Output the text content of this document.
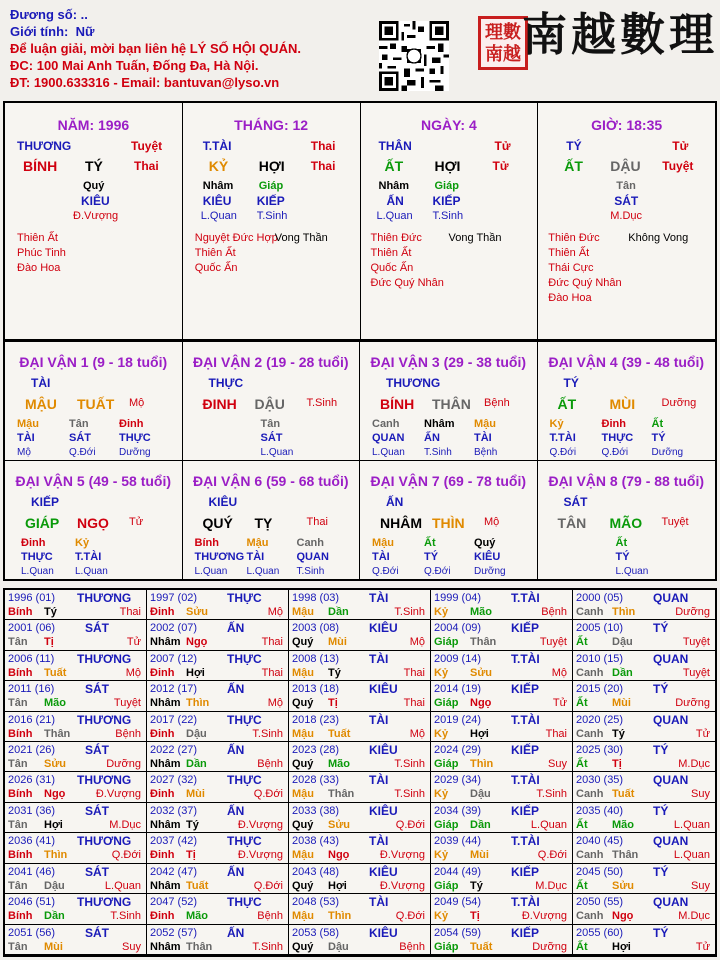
Đương số: ..
Giới tính: Nữ
Để luận giải, mời bạn liên hệ LÝ SỐ HỘI QUÁN.
ĐC: 100 Mai Anh Tuấn, Đống Đa, Hà Nội.
ĐT: 1900.633316 - Email: bantuvan@lyso.vn
理數南越 南越數理
NĂM: 1996
THƯƠNG	Tuyệt
BÍNH TÝ	Thai
Quý
KIÊU
Đ.Vượng
Thiên Ất
Phúc Tinh
Đào Hoa
THÁNG: 12
T.TÀI	Thai
KỶ HỢI Thai
Nhâm Giáp
KIÊU KIẾP
L.Quan T.Sinh
Nguyệt Đức Hợp
Thiên Ất
Quốc Ấn
Vong Thần
NGÀY: 4
THÂN	Tử
ẤT HỢI	Tử
Nhâm Giáp
ẤN KIẾP
L.Quan T.Sinh
Thiên Đức
Thiên Ất
Quốc Ấn
Đức Quý Nhân
Vong Thần
GIỜ: 18:35
TÝ	Tử
ẤT DẬU Tuyệt
Tân
SÁT
M.Dục
Thiên Đức
Thiên Ất
Thái Cực
Đức Quý Nhân
Đào Hoa
Không Vong
ĐẠI VẬN 1 (9 - 18 tuổi)
TÀI
MẬU TUẤT Mộ
Mậu
TÀI
Mộ
Tân
SÁT
Q.Đới
Đinh
THỰC
Dưỡng
ĐẠI VẬN 2 (19 - 28 tuổi)
THỰC
ĐINH DẬU T.Sinh
Tân
SÁT
L.Quan
ĐẠI VẬN 3 (29 - 38 tuổi)
THƯƠNG
BÍNH THÂN Bệnh
Canh
QUAN
L.Quan
Nhâm
ẤN
T.Sinh
Mậu
TÀI
Bệnh
ĐẠI VẬN 4 (39 - 48 tuổi)
TÝ
ẤT MÙI Dưỡng
Kỷ
T.TÀI
Q.Đới
Đinh
THỰC
Q.Đới
Ất
TÝ
Dưỡng
ĐẠI VẬN 5 (49 - 58 tuổi)
KIẾP
GIÁP NGỌ Tử
Đinh
THỰC
L.Quan
Kỷ
T.TÀI
L.Quan
ĐẠI VẬN 6 (59 - 68 tuổi)
KIÊU
QUÝ TỴ	Thai
Bính
THƯƠNG
L.Quan
Mậu
TÀI
L.Quan
Canh
QUAN
T.Sinh
ĐẠI VẬN 7 (69 - 78 tuổi)
ẤN
NHÂM THÌN Mộ
Mậu
TÀI
Q.Đới
Ất
TÝ
Q.Đới
Quý
KIÊU
Dưỡng
ĐẠI VẬN 8 (79 - 88 tuổi)
SÁT
TÂN MÃO Tuyệt
Ất
TÝ
L.Quan
1996 (01) THƯƠNG
Bính Tý	Thai
1997 (02) THỰC
Đinh Sửu	Mộ
1998 (03) TÀI
Mậu Dần	T.Sinh
1999 (04) T.TÀI
Kỷ Mão	Bệnh
2000 (05) QUAN
Canh Thìn	Dưỡng
2001 (06) SÁT
Tân Tị	Tử
2002 (07) ẤN
Nhâm Ngọ	Thai
2003 (08) KIÊU
Quý Mùi	Mộ
2004 (09) KIẾP
Giáp Thân	Tuyệt
2005 (10) TÝ
Ất Dậu	Tuyệt
2006 (11) THƯƠNG
Bính Tuất	Mộ
2007 (12) THỰC
Đinh Hợi	Thai
2008 (13) TÀI
Mậu Tý	Thai
2009 (14) T.TÀI
Kỷ Sửu	Mộ
2010 (15) QUAN
Canh Dần	Tuyệt
2011 (16)	SÁT
Tân Mão	Tuyệt
2012 (17) ẤN
Nhâm Thìn	Mộ
2013 (18) KIÊU
Quý Tị	Thai
2014 (19) KIẾP
Giáp Ngọ	Tử
2015 (20) TÝ
Ất Mùi	Dưỡng
2016 (21) THƯƠNG
Bính Thân	Bệnh
2017 (22) THỰC
Đinh Dậu	T.Sinh
2018 (23) TÀI
Mậu Tuất	Mộ
2019 (24) T.TÀI
Kỷ Hợi	Thai
2020 (25) QUAN
Canh Tý	Tử
2021 (26) SÁT
Tân Sửu	Dưỡng
2022 (27) ẤN
Nhâm Dần	Bệnh
2023 (28) KIÊU
Quý Mão	T.Sinh
2024 (29) KIẾP
Giáp Thìn	Suy
2025 (30) TÝ
Ất Tị	M.Dục
2026 (31) THƯƠNG
Bính Ngọ	Đ.Vượng
2027 (32) THỰC
Đinh Mùi	Q.Đới
2028 (33) TÀI
Mậu Thân	T.Sinh
2029 (34) T.TÀI
Kỷ Dậu	T.Sinh
2030 (35) QUAN
Canh Tuất	Suy
2031 (36) SÁT
Tân Hợi	M.Dục
2032 (37) ẤN
Nhâm Tý	Đ.Vượng
2033 (38) KIÊU
Quý Sửu	Q.Đới
2034 (39) KIẾP
Giáp Dần	L.Quan
2035 (40) TÝ
Ất Mão	L.Quan
2036 (41) THƯƠNG
Bính Thìn	Q.Đới
2037 (42) THỰC
Đinh Tị	Đ.Vượng
2038 (43) TÀI
Mậu Ngọ	Đ.Vượng
2039 (44) T.TÀI
Kỷ Mùi	Q.Đới
2040 (45) QUAN
Canh Thân	L.Quan
2041 (46) SÁT
Tân Dậu	L.Quan
2042 (47) ẤN
Nhâm Tuất	Q.Đới
2043 (48) KIÊU
Quý Hợi	Đ.Vượng
2044 (49) KIẾP
Giáp Tý	M.Dục
2045 (50) TÝ
Ất Sửu	Suy
2046 (51) THƯƠNG
Bính Dần	T.Sinh
2047 (52) THỰC
Đinh Mão	Bệnh
2048 (53) TÀI
Mậu Thìn	Q.Đới
2049 (54) T.TÀI
Kỷ Tị	Đ.Vượng
2050 (55) QUAN
Canh Ngọ	M.Dục
2051 (56) SÁT
Tân Mùi	Suy
2052 (57) ẤN
Nhâm Thân	T.Sinh
2053 (58) KIÊU
Quý Dậu	Bệnh
2054 (59) KIẾP
Giáp Tuất	Dưỡng
2055 (60) TÝ
Ất Hợi	Tử
